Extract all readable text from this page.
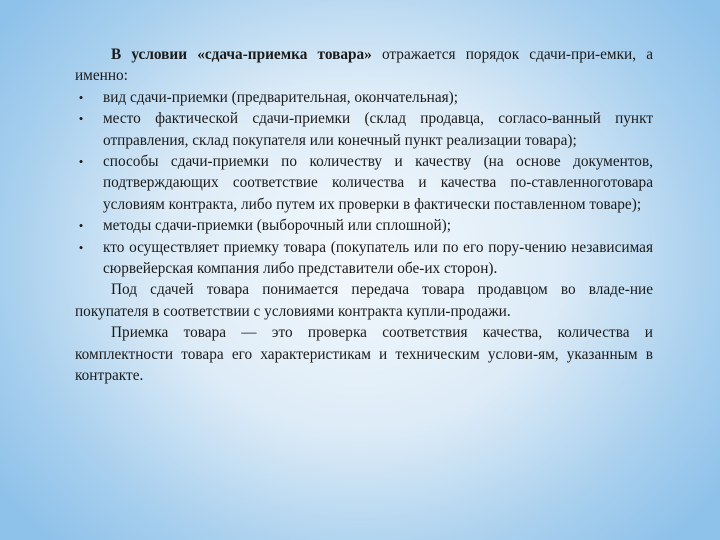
В условии «сдача-приемка товара» отражается порядок сдачи-при-емки, а именно:

• вид сдачи-приемки (предварительная, окончательная);
• место фактической сдачи-приемки (склад продавца, согласо-ванный пункт отправления, склад покупателя или конечный пункт реализации товара);
• способы сдачи-приемки по количеству и качеству (на основе документов, подтверждающих соответствие количества и качества по-ставленноготовара условиям контракта, либо путем их проверки в фактически поставленном товаре);
• методы сдачи-приемки (выборочный или сплошной);
• кто осуществляет приемку товара (покупатель или по его пору-чению независимая сюрвейерская компания либо представители обе-их сторон).

Под сдачей товара понимается передача товара продавцом во владе-ние покупателя в соответствии с условиями контракта купли-продажи.

Приемка товара — это проверка соответствия качества, количества и комплектности товара его характеристикам и техническим услови-ям, указанным в контракте.
